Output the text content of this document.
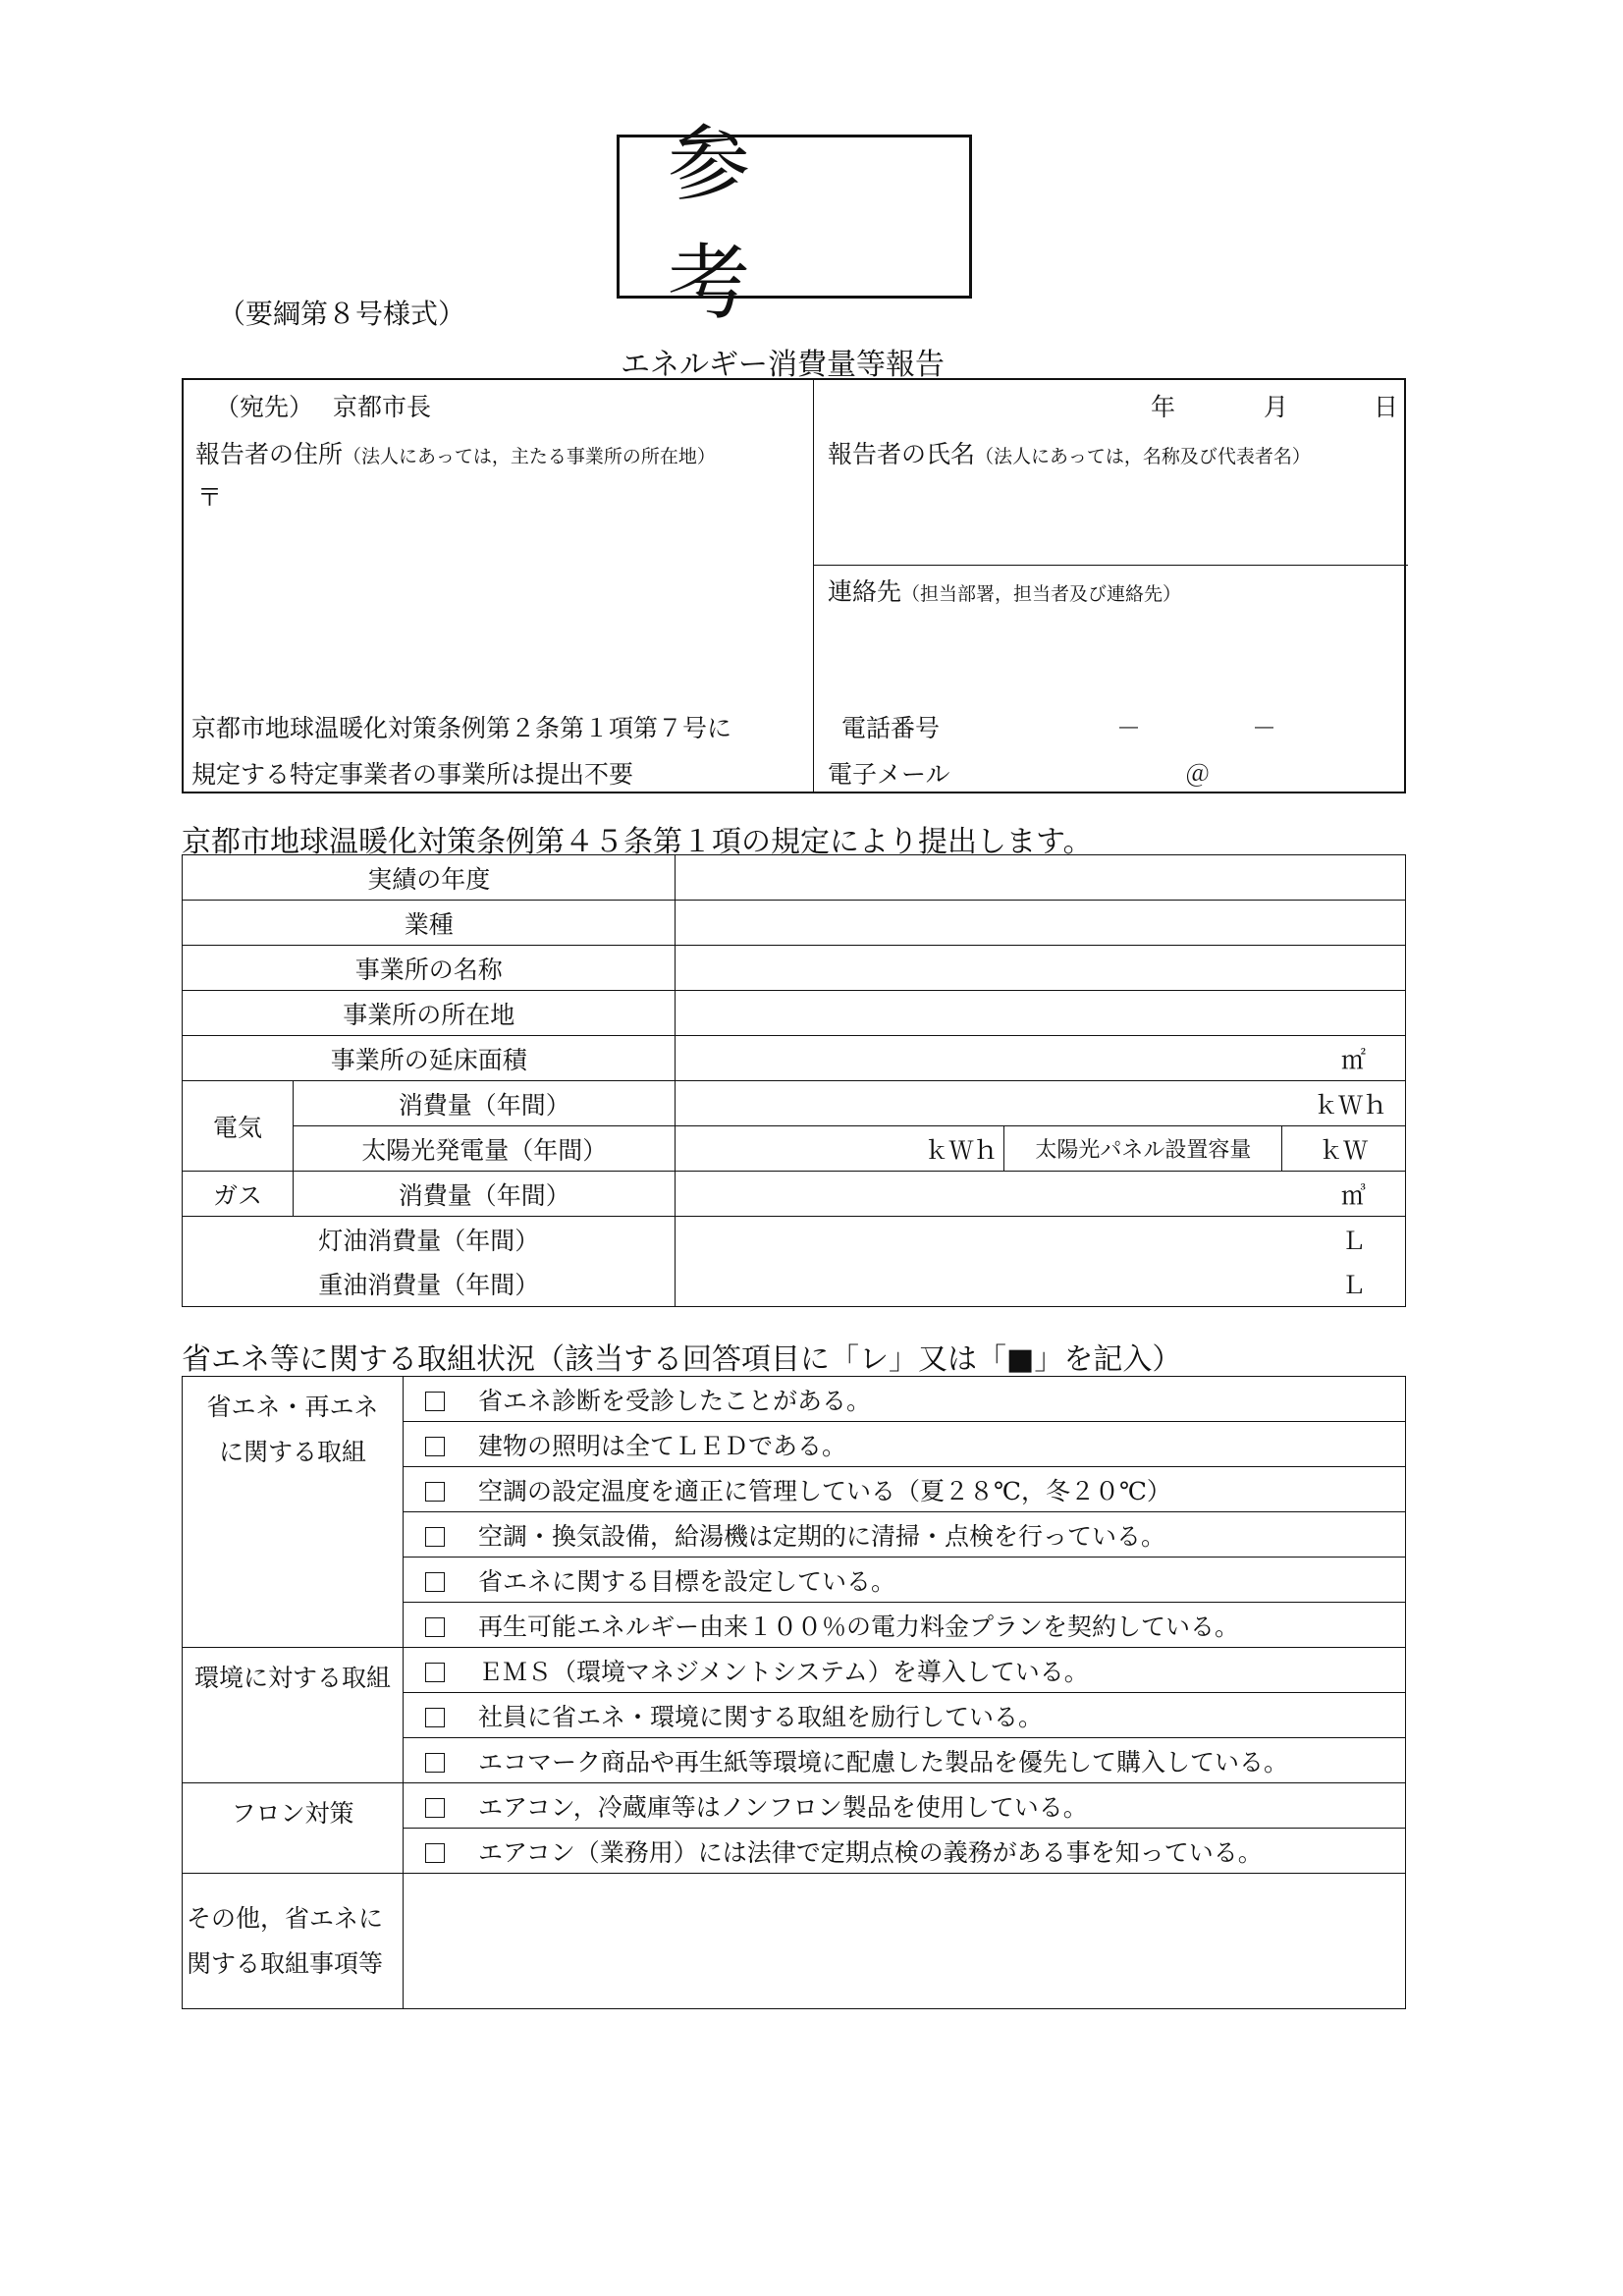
参　考
（要綱第８号様式）
エネルギー消費量等報告
（宛先） 京都市長	年	月	日
報告者の住所（法人にあっては，主たる事業所の所在地）
〒
報告者の氏名（法人にあっては，名称及び代表者名）
連絡先（担当部署，担当者及び連絡先）
京都市地球温暖化対策条例第２条第１項第７号に
規定する特定事業者の事業所は提出不要
電話番号	－	－
電子メール	＠
京都市地球温暖化対策条例第４５条第１項の規定により提出します。
実績の年度				
業種				
事業所の名称				
事業所の所在地				
事業所の延床面積		㎡		
電気	消費量（年間）	ｋＷｈ		
	太陽光発電量（年間）	ｋＷｈ	太陽光パネル設置容量	ｋＷ
ガス	消費量（年間）	㎥		
灯油消費量（年間）		Ｌ		
重油消費量（年間）		Ｌ		
省エネ等に関する取組状況（該当する回答項目に「レ」又は「■」を記入）
省エネ・再エネ
に関する取組	省エネ診断を受診したことがある。
	建物の照明は全てＬＥＤである。
	空調の設定温度を適正に管理している（夏２８℃，冬２０℃）
	空調・換気設備，給湯機は定期的に清掃・点検を行っている。
	省エネに関する目標を設定している。
	再生可能エネルギー由来１００％の電力料金プランを契約している。
環境に対する取組	ＥＭＳ（環境マネジメントシステム）を導入している。
	社員に省エネ・環境に関する取組を励行している。
	エコマーク商品や再生紙等環境に配慮した製品を優先して購入している。
フロン対策	エアコン，冷蔵庫等はノンフロン製品を使用している。
	エアコン（業務用）には法律で定期点検の義務がある事を知っている。

その他，省エネに
関する取組事項等	
